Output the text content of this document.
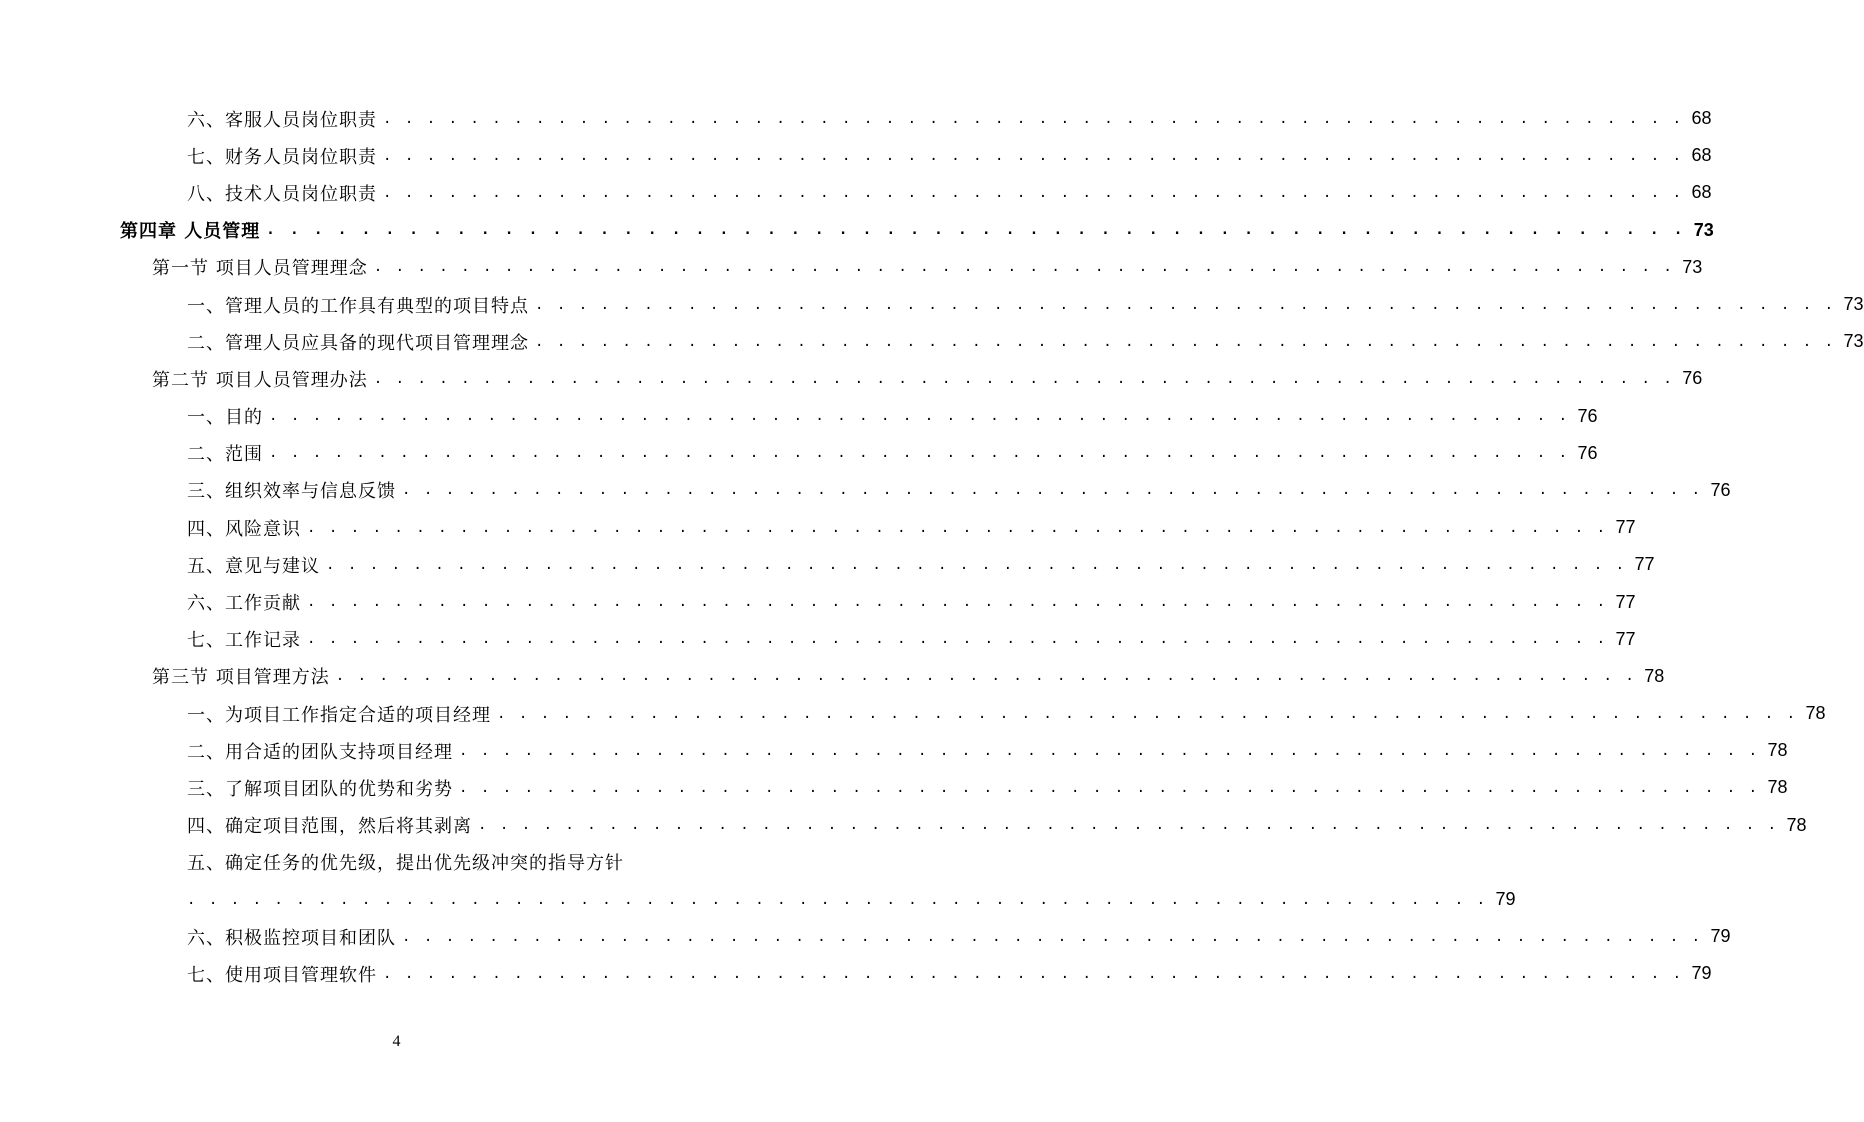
六、客服人员岗位职责 . . . . . . . . . . . . . . . . . . . . . . . . . . . . . . . . . . . . . . . . . . . . . . . . . . . . . . . . . . . . 68
七、财务人员岗位职责 . . . . . . . . . . . . . . . . . . . . . . . . . . . . . . . . . . . . . . . . . . . . . . . . . . . . . . . . . . . . 68
八、技术人员岗位职责 . . . . . . . . . . . . . . . . . . . . . . . . . . . . . . . . . . . . . . . . . . . . . . . . . . . . . . . . . . . . 68
第四章 人员管理 . . . . . . . . . . . . . . . . . . . . . . . . . . . . . . . . . . . . . . . . . . . . . . . . . . . . . . . . . . . . 73
第一节 项目人员管理理念 . . . . . . . . . . . . . . . . . . . . . . . . . . . . . . . . . . . . . . . . . . . . . . . . . . . . . . . . . . . . 73
一、管理人员的工作具有典型的项目特点 . . . . . . . . . . . . . . . . . . . . . . . . . . . . . . . . . . . . . . . . . . . . . . . . . . . . . . . . . . . . 73
二、管理人员应具备的现代项目管理理念 . . . . . . . . . . . . . . . . . . . . . . . . . . . . . . . . . . . . . . . . . . . . . . . . . . . . . . . . . . . . 73
第二节 项目人员管理办法 . . . . . . . . . . . . . . . . . . . . . . . . . . . . . . . . . . . . . . . . . . . . . . . . . . . . . . . . . . . . 76
一、目的 . . . . . . . . . . . . . . . . . . . . . . . . . . . . . . . . . . . . . . . . . . . . . . . . . . . . . . . . . . . . 76
二、范围 . . . . . . . . . . . . . . . . . . . . . . . . . . . . . . . . . . . . . . . . . . . . . . . . . . . . . . . . . . . . 76
三、组织效率与信息反馈 . . . . . . . . . . . . . . . . . . . . . . . . . . . . . . . . . . . . . . . . . . . . . . . . . . . . . . . . . . . . 76
四、风险意识 . . . . . . . . . . . . . . . . . . . . . . . . . . . . . . . . . . . . . . . . . . . . . . . . . . . . . . . . . . . . 77
五、意见与建议 . . . . . . . . . . . . . . . . . . . . . . . . . . . . . . . . . . . . . . . . . . . . . . . . . . . . . . . . . . . . 77
六、工作贡献 . . . . . . . . . . . . . . . . . . . . . . . . . . . . . . . . . . . . . . . . . . . . . . . . . . . . . . . . . . . . 77
七、工作记录 . . . . . . . . . . . . . . . . . . . . . . . . . . . . . . . . . . . . . . . . . . . . . . . . . . . . . . . . . . . . 77
第三节 项目管理方法 . . . . . . . . . . . . . . . . . . . . . . . . . . . . . . . . . . . . . . . . . . . . . . . . . . . . . . . . . . . . 78
一、为项目工作指定合适的项目经理 . . . . . . . . . . . . . . . . . . . . . . . . . . . . . . . . . . . . . . . . . . . . . . . . . . . . . . . . . . . . 78
二、用合适的团队支持项目经理 . . . . . . . . . . . . . . . . . . . . . . . . . . . . . . . . . . . . . . . . . . . . . . . . . . . . . . . . . . . . 78
三、了解项目团队的优势和劣势 . . . . . . . . . . . . . . . . . . . . . . . . . . . . . . . . . . . . . . . . . . . . . . . . . . . . . . . . . . . . 78
四、确定项目范围，然后将其剥离 . . . . . . . . . . . . . . . . . . . . . . . . . . . . . . . . . . . . . . . . . . . . . . . . . . . . . . . . . . . . 78
五、确定任务的优先级，提出优先级冲突的指导方针
. . . . . . . . . . . . . . . . . . . . . . . . . . . . . . . . . . . . . . . . . . . . . . . . . . . . . . . . . . . . 79
六、积极监控项目和团队 . . . . . . . . . . . . . . . . . . . . . . . . . . . . . . . . . . . . . . . . . . . . . . . . . . . . . . . . . . . . 79
七、使用项目管理软件 . . . . . . . . . . . . . . . . . . . . . . . . . . . . . . . . . . . . . . . . . . . . . . . . . . . . . . . . . . . . 79
4
